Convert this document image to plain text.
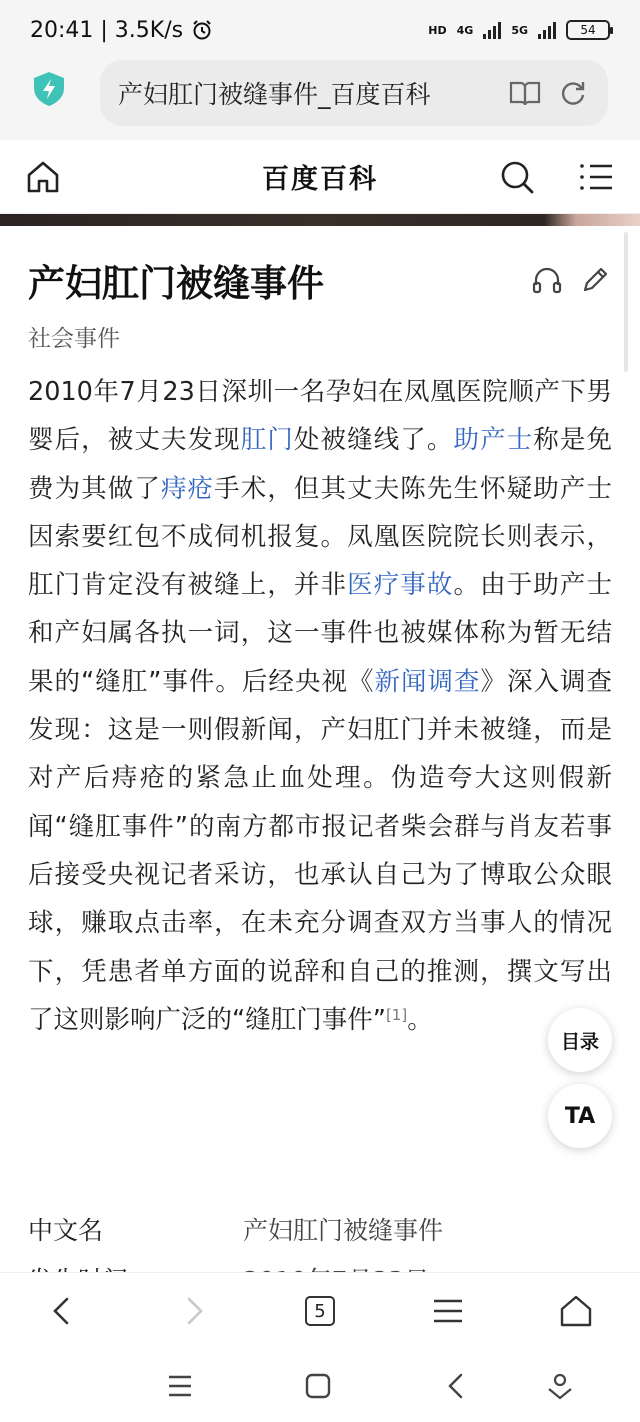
20:41 | 3.5K/s	HD 4G	5G	54
产妇肛门被缝事件_百度百科
百度百科
产妇肛门被缝事件
社会事件

2010年7月23日深圳一名孕妇在凤凰医院顺产下男婴后，被丈夫发现肛门处被缝线了。助产士称是免费为其做了痔疮手术，但其丈夫陈先生怀疑助产士因索要红包不成伺机报复。凤凰医院院长则表示，肛门肯定没有被缝上，并非医疗事故。由于助产士和产妇属各执一词，这一事件也被媒体称为暂无结果的“缝肛”事件。后经央视《新闻调查》深入调查发现：这是一则假新闻，产妇肛门并未被缝，而是对产后痔疮的紧急止血处理。伪造夸大这则假新闻“缝肛事件”的南方都市报记者柴会群与肖友若事后接受央视记者采访，也承认自己为了博取公众眼球，赚取点击率，在未充分调查双方当事人的情况下，凭患者单方面的说辞和自己的推测，撰文写出了这则影响广泛的“缝肛门事件”[1]。

中文名	产妇肛门被缝事件
目录
TA
5
